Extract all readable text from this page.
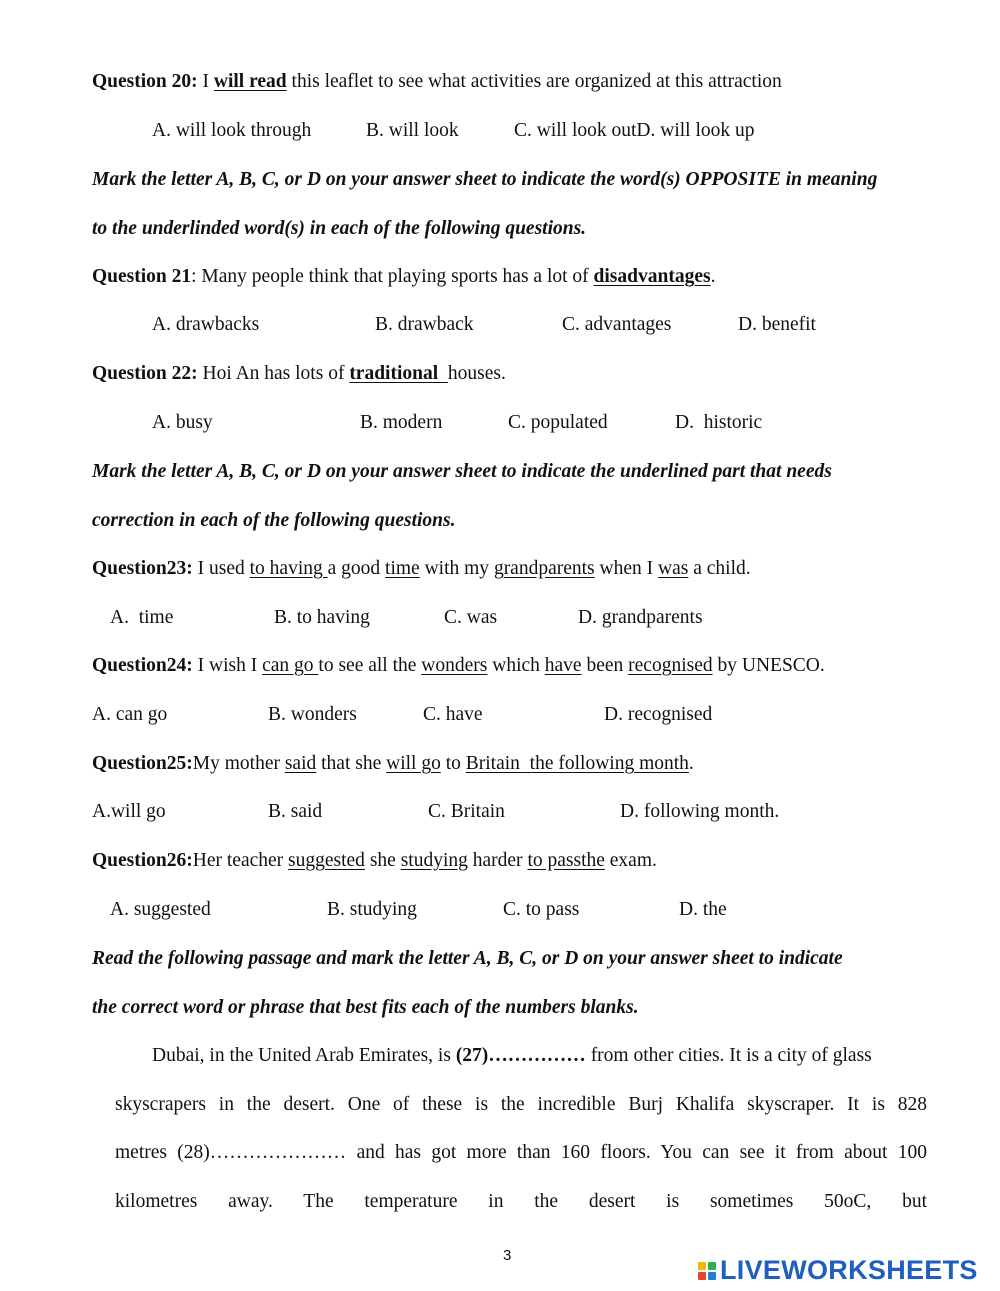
Question 20: I will read this leaflet to see what activities are organized at this attraction
A. will look through	B. will look	C. will look outD. will look up
Mark the letter A, B, C, or D on your answer sheet to indicate the word(s) OPPOSITE in meaning
to the underlinded word(s) in each of the following questions.
Question 21: Many people think that playing sports has a lot of disadvantages.
A. drawbacks	B. drawback	C. advantages	D. benefit
Question 22: Hoi An has lots of traditional  houses.
A. busy	B. modern	C. populated	D.  historic
Mark the letter A, B, C, or D on your answer sheet to indicate the underlined part that needs
correction in each of the following questions.
Question23: I used to having a good time with my grandparents when I was a child.
A.  time	B. to having	C. was	D. grandparents
Question24: I wish I can go to see all the wonders which have been recognised by UNESCO.
A. can go	B. wonders	C. have	D. recognised
Question25:My mother said that she will go to Britain  the following month.
A.will go	B. said	C. Britain	D. following month.
Question26:Her teacher suggested she studying harder to passthe exam.
A. suggested	B. studying	C. to pass	D. the
Read the following passage and mark the letter A, B, C, or D on your answer sheet to indicate
the correct word or phrase that best fits each of the numbers blanks.
Dubai, in the United Arab Emirates, is (27)…………… from other cities. It is a city of glass
skyscrapers in the desert. One of these is the incredible Burj Khalifa skyscraper. It is 828
metres (28)………………… and has got more than 160 floors. You can see it from about 100
kilometres away. The temperature in the desert is sometimes 50oC, but
3	LIVEWORKSHEETS
